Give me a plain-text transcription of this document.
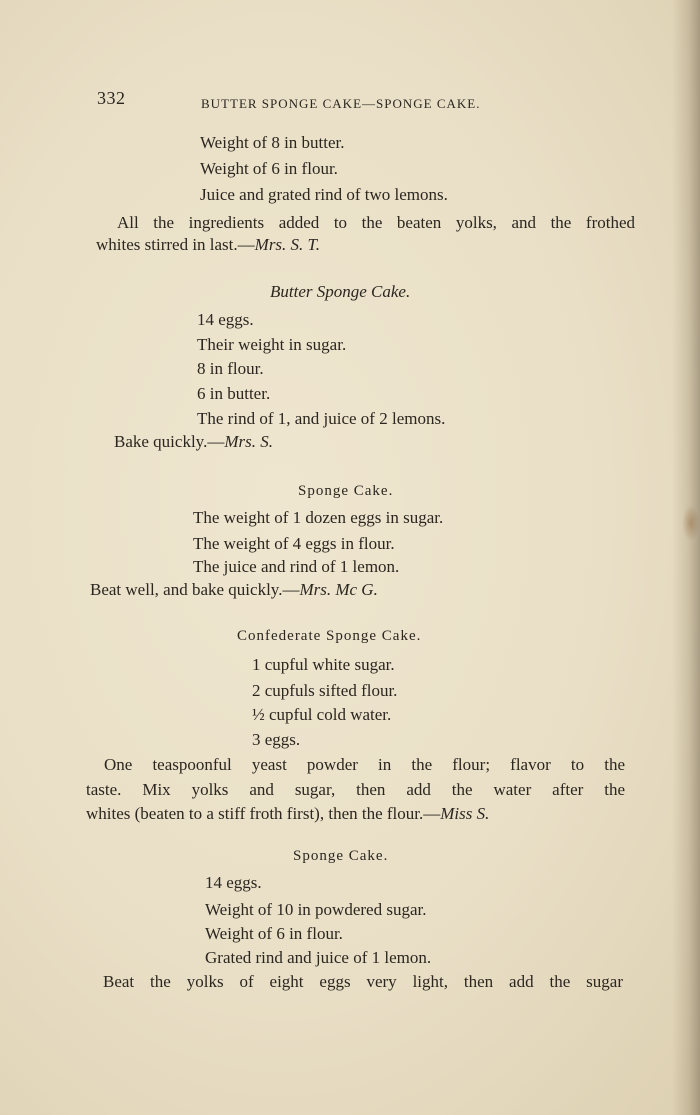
332	BUTTER SPONGE CAKE—SPONGE CAKE.
Weight of 8 in butter.
Weight of 6 in flour.
Juice and grated rind of two lemons.
All the ingredients added to the beaten yolks, and the frothed
whites stirred in last.—Mrs. S. T.
Butter Sponge Cake.
14 eggs.
Their weight in sugar.
8 in flour.
6 in butter.
The rind of 1, and juice of 2 lemons.
Bake quickly.—Mrs. S.
Sponge Cake.
The weight of 1 dozen eggs in sugar.
The weight of 4 eggs in flour.
The juice and rind of 1 lemon.
Beat well, and bake quickly.—Mrs. Mc G.
Confederate Sponge Cake.
1 cupful white sugar.
2 cupfuls sifted flour.
½ cupful cold water.
3 eggs.
One teaspoonful yeast powder in the flour; flavor to the
taste. Mix yolks and sugar, then add the water after the
whites (beaten to a stiff froth first), then the flour.—Miss S.
Sponge Cake.
14 eggs.
Weight of 10 in powdered sugar.
Weight of 6 in flour.
Grated rind and juice of 1 lemon.
Beat the yolks of eight eggs very light, then add the sugar
